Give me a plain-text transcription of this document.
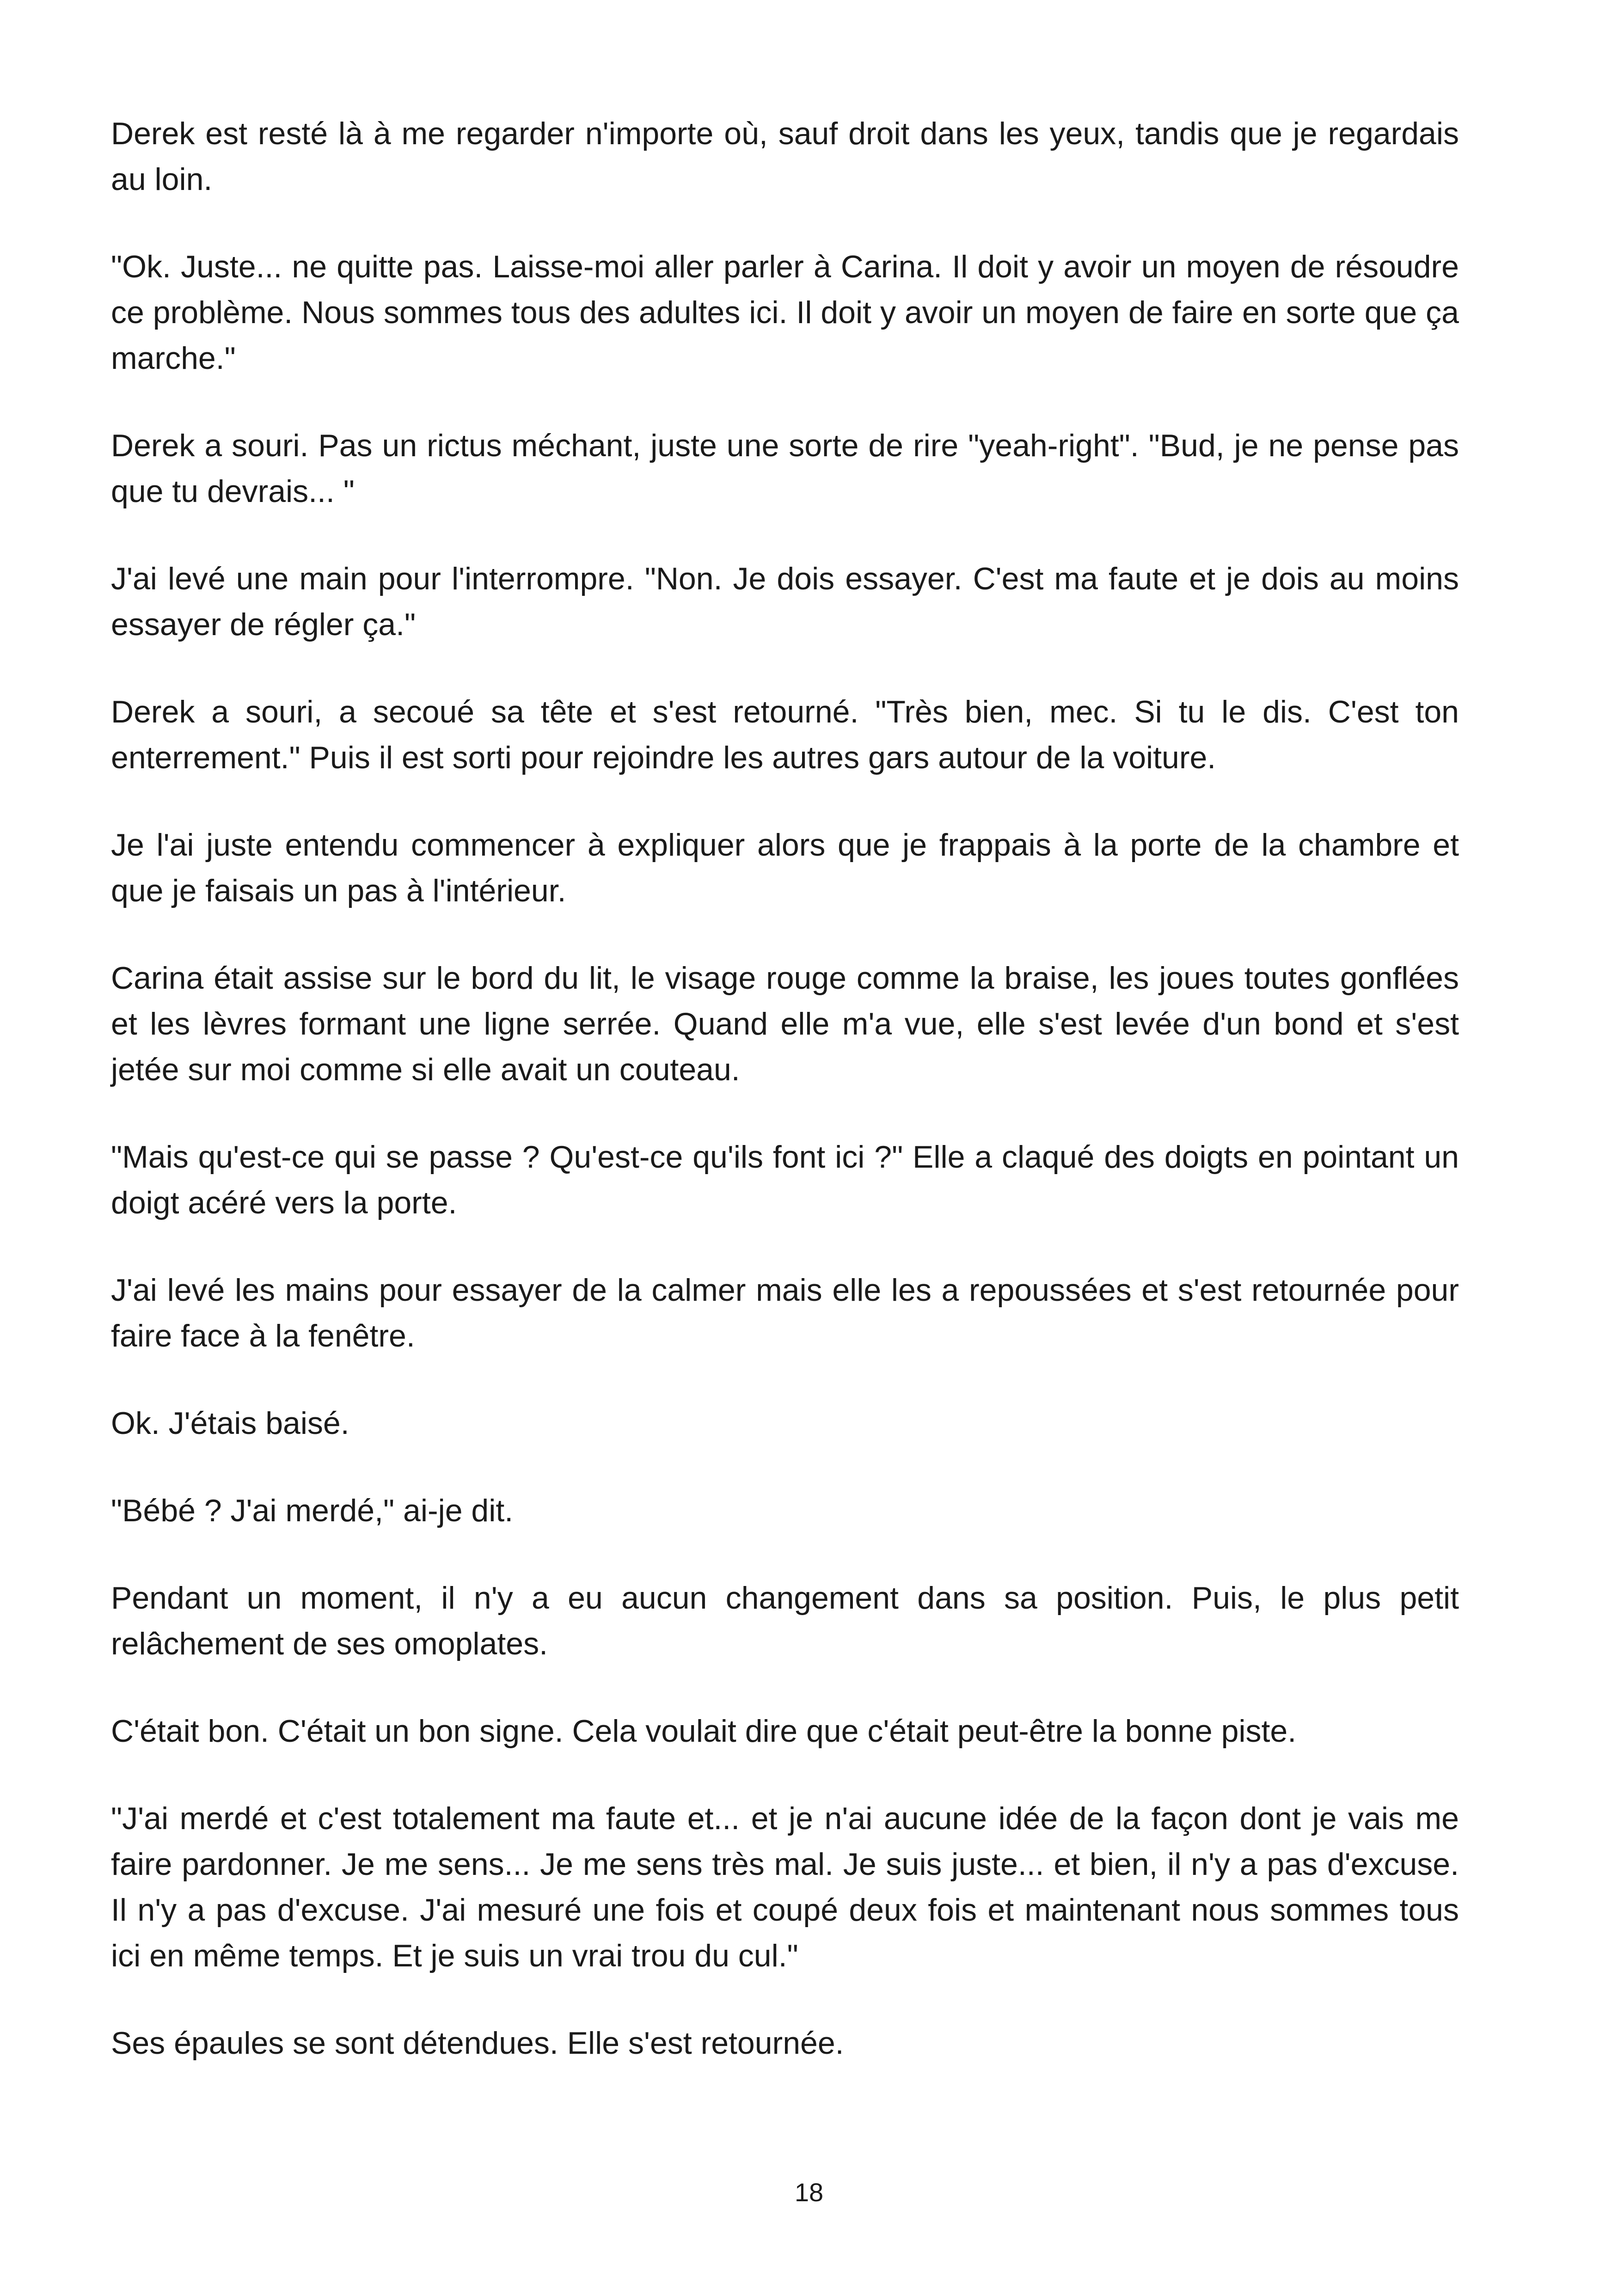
Derek est resté là à me regarder n'importe où, sauf droit dans les yeux, tandis que je regardais au loin.

"Ok. Juste... ne quitte pas. Laisse-moi aller parler à Carina. Il doit y avoir un moyen de résoudre ce problème. Nous sommes tous des adultes ici. Il doit y avoir un moyen de faire en sorte que ça marche."

Derek a souri. Pas un rictus méchant, juste une sorte de rire "yeah-right". "Bud, je ne pense pas que tu devrais... "

J'ai levé une main pour l'interrompre. "Non. Je dois essayer. C'est ma faute et je dois au moins essayer de régler ça."

Derek a souri, a secoué sa tête et s'est retourné. "Très bien, mec. Si tu le dis. C'est ton enterrement." Puis il est sorti pour rejoindre les autres gars autour de la voiture.

Je l'ai juste entendu commencer à expliquer alors que je frappais à la porte de la chambre et que je faisais un pas à l'intérieur.

Carina était assise sur le bord du lit, le visage rouge comme la braise, les joues toutes gonflées et les lèvres formant une ligne serrée. Quand elle m'a vue, elle s'est levée d'un bond et s'est jetée sur moi comme si elle avait un couteau.

"Mais qu'est-ce qui se passe ? Qu'est-ce qu'ils font ici ?" Elle a claqué des doigts en pointant un doigt acéré vers la porte.

J'ai levé les mains pour essayer de la calmer mais elle les a repoussées et s'est retournée pour faire face à la fenêtre.

Ok. J'étais baisé.

"Bébé ? J'ai merdé," ai-je dit.

Pendant un moment, il n'y a eu aucun changement dans sa position. Puis, le plus petit relâchement de ses omoplates.

C'était bon. C'était un bon signe. Cela voulait dire que c'était peut-être la bonne piste.

"J'ai merdé et c'est totalement ma faute et... et je n'ai aucune idée de la façon dont je vais me faire pardonner. Je me sens... Je me sens très mal. Je suis juste... et bien, il n'y a pas d'excuse. Il n'y a pas d'excuse. J'ai mesuré une fois et coupé deux fois et maintenant nous sommes tous ici en même temps. Et je suis un vrai trou du cul."

Ses épaules se sont détendues. Elle s'est retournée.

18
